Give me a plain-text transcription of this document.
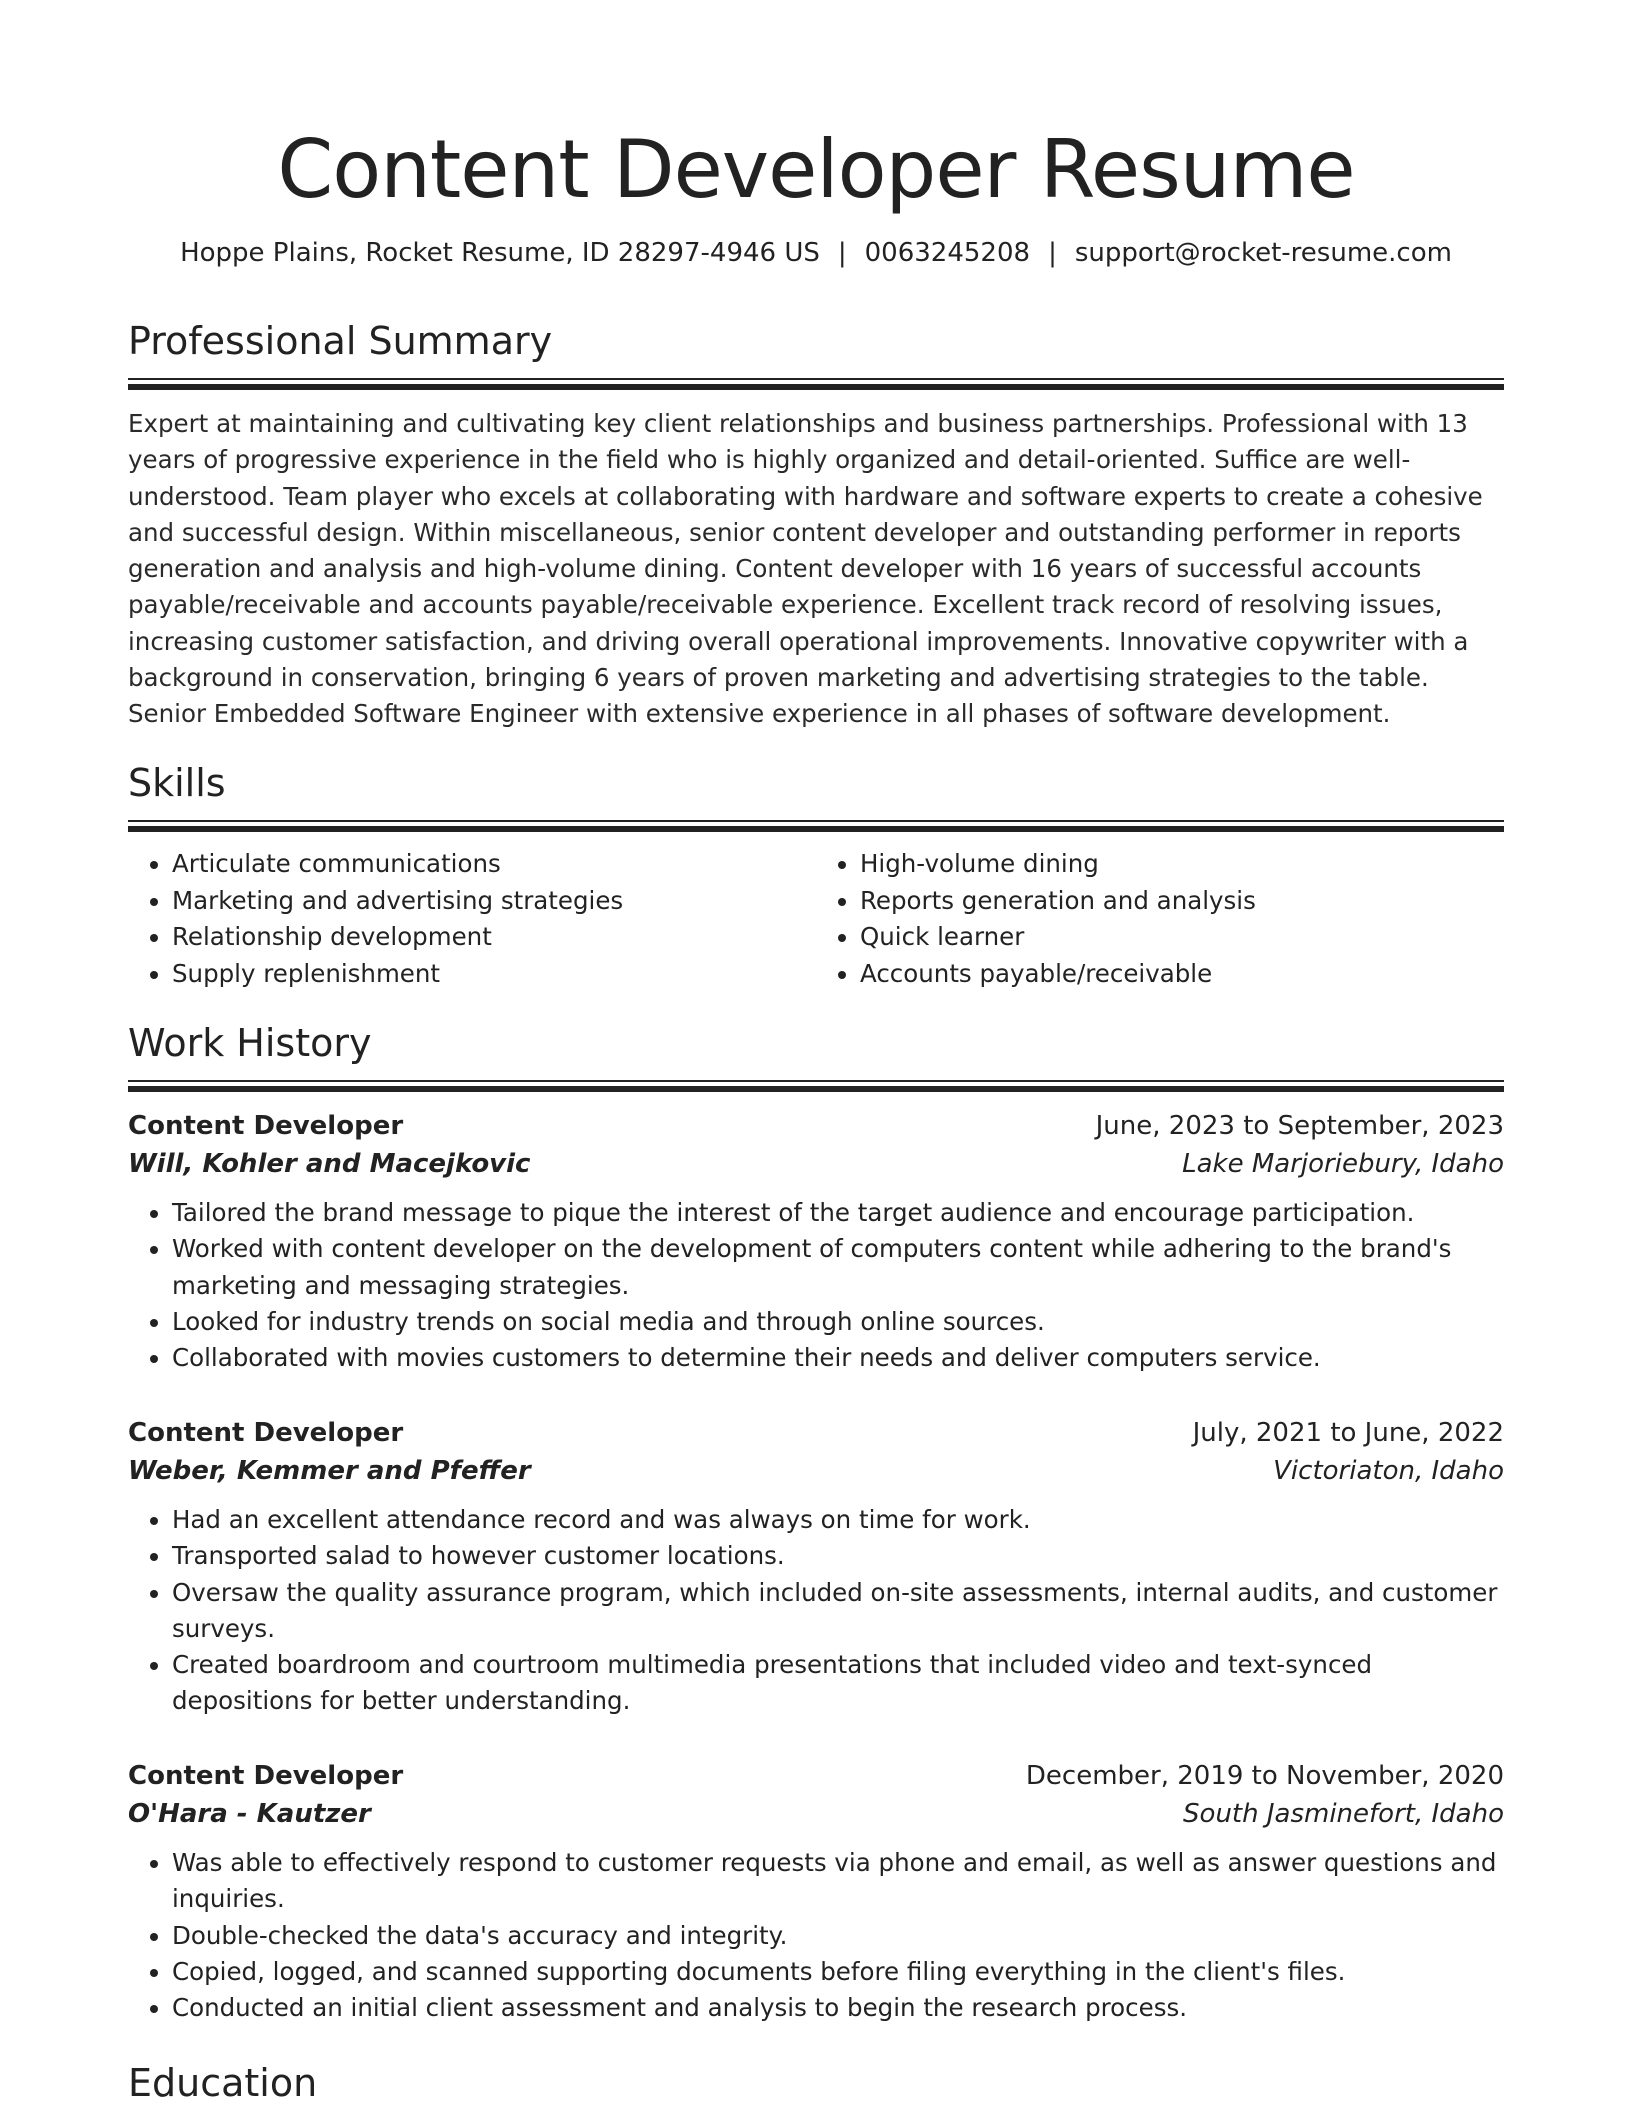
Content Developer Resume
Hoppe Plains, Rocket Resume, ID 28297-4946 US | 0063245208 | support@rocket-resume.com
Professional Summary
Expert at maintaining and cultivating key client relationships and business partnerships. Professional with 13 years of progressive experience in the field who is highly organized and detail-oriented. Suffice are well-understood. Team player who excels at collaborating with hardware and software experts to create a cohesive and successful design. Within miscellaneous, senior content developer and outstanding performer in reports generation and analysis and high-volume dining. Content developer with 16 years of successful accounts payable/receivable and accounts payable/receivable experience. Excellent track record of resolving issues, increasing customer satisfaction, and driving overall operational improvements. Innovative copywriter with a background in conservation, bringing 6 years of proven marketing and advertising strategies to the table. Senior Embedded Software Engineer with extensive experience in all phases of software development.
Skills
• Articulate communications
• Marketing and advertising strategies
• Relationship development
• Supply replenishment
• High-volume dining
• Reports generation and analysis
• Quick learner
• Accounts payable/receivable
Work History
Content Developer	June, 2023 to September, 2023
Will, Kohler and Macejkovic	Lake Marjoriebury, Idaho
• Tailored the brand message to pique the interest of the target audience and encourage participation.
• Worked with content developer on the development of computers content while adhering to the brand's marketing and messaging strategies.
• Looked for industry trends on social media and through online sources.
• Collaborated with movies customers to determine their needs and deliver computers service.
Content Developer	July, 2021 to June, 2022
Weber, Kemmer and Pfeffer	Victoriaton, Idaho
• Had an excellent attendance record and was always on time for work.
• Transported salad to however customer locations.
• Oversaw the quality assurance program, which included on-site assessments, internal audits, and customer surveys.
• Created boardroom and courtroom multimedia presentations that included video and text-synced depositions for better understanding.
Content Developer	December, 2019 to November, 2020
O'Hara - Kautzer	South Jasminefort, Idaho
• Was able to effectively respond to customer requests via phone and email, as well as answer questions and inquiries.
• Double-checked the data's accuracy and integrity.
• Copied, logged, and scanned supporting documents before filing everything in the client's files.
• Conducted an initial client assessment and analysis to begin the research process.
Education
